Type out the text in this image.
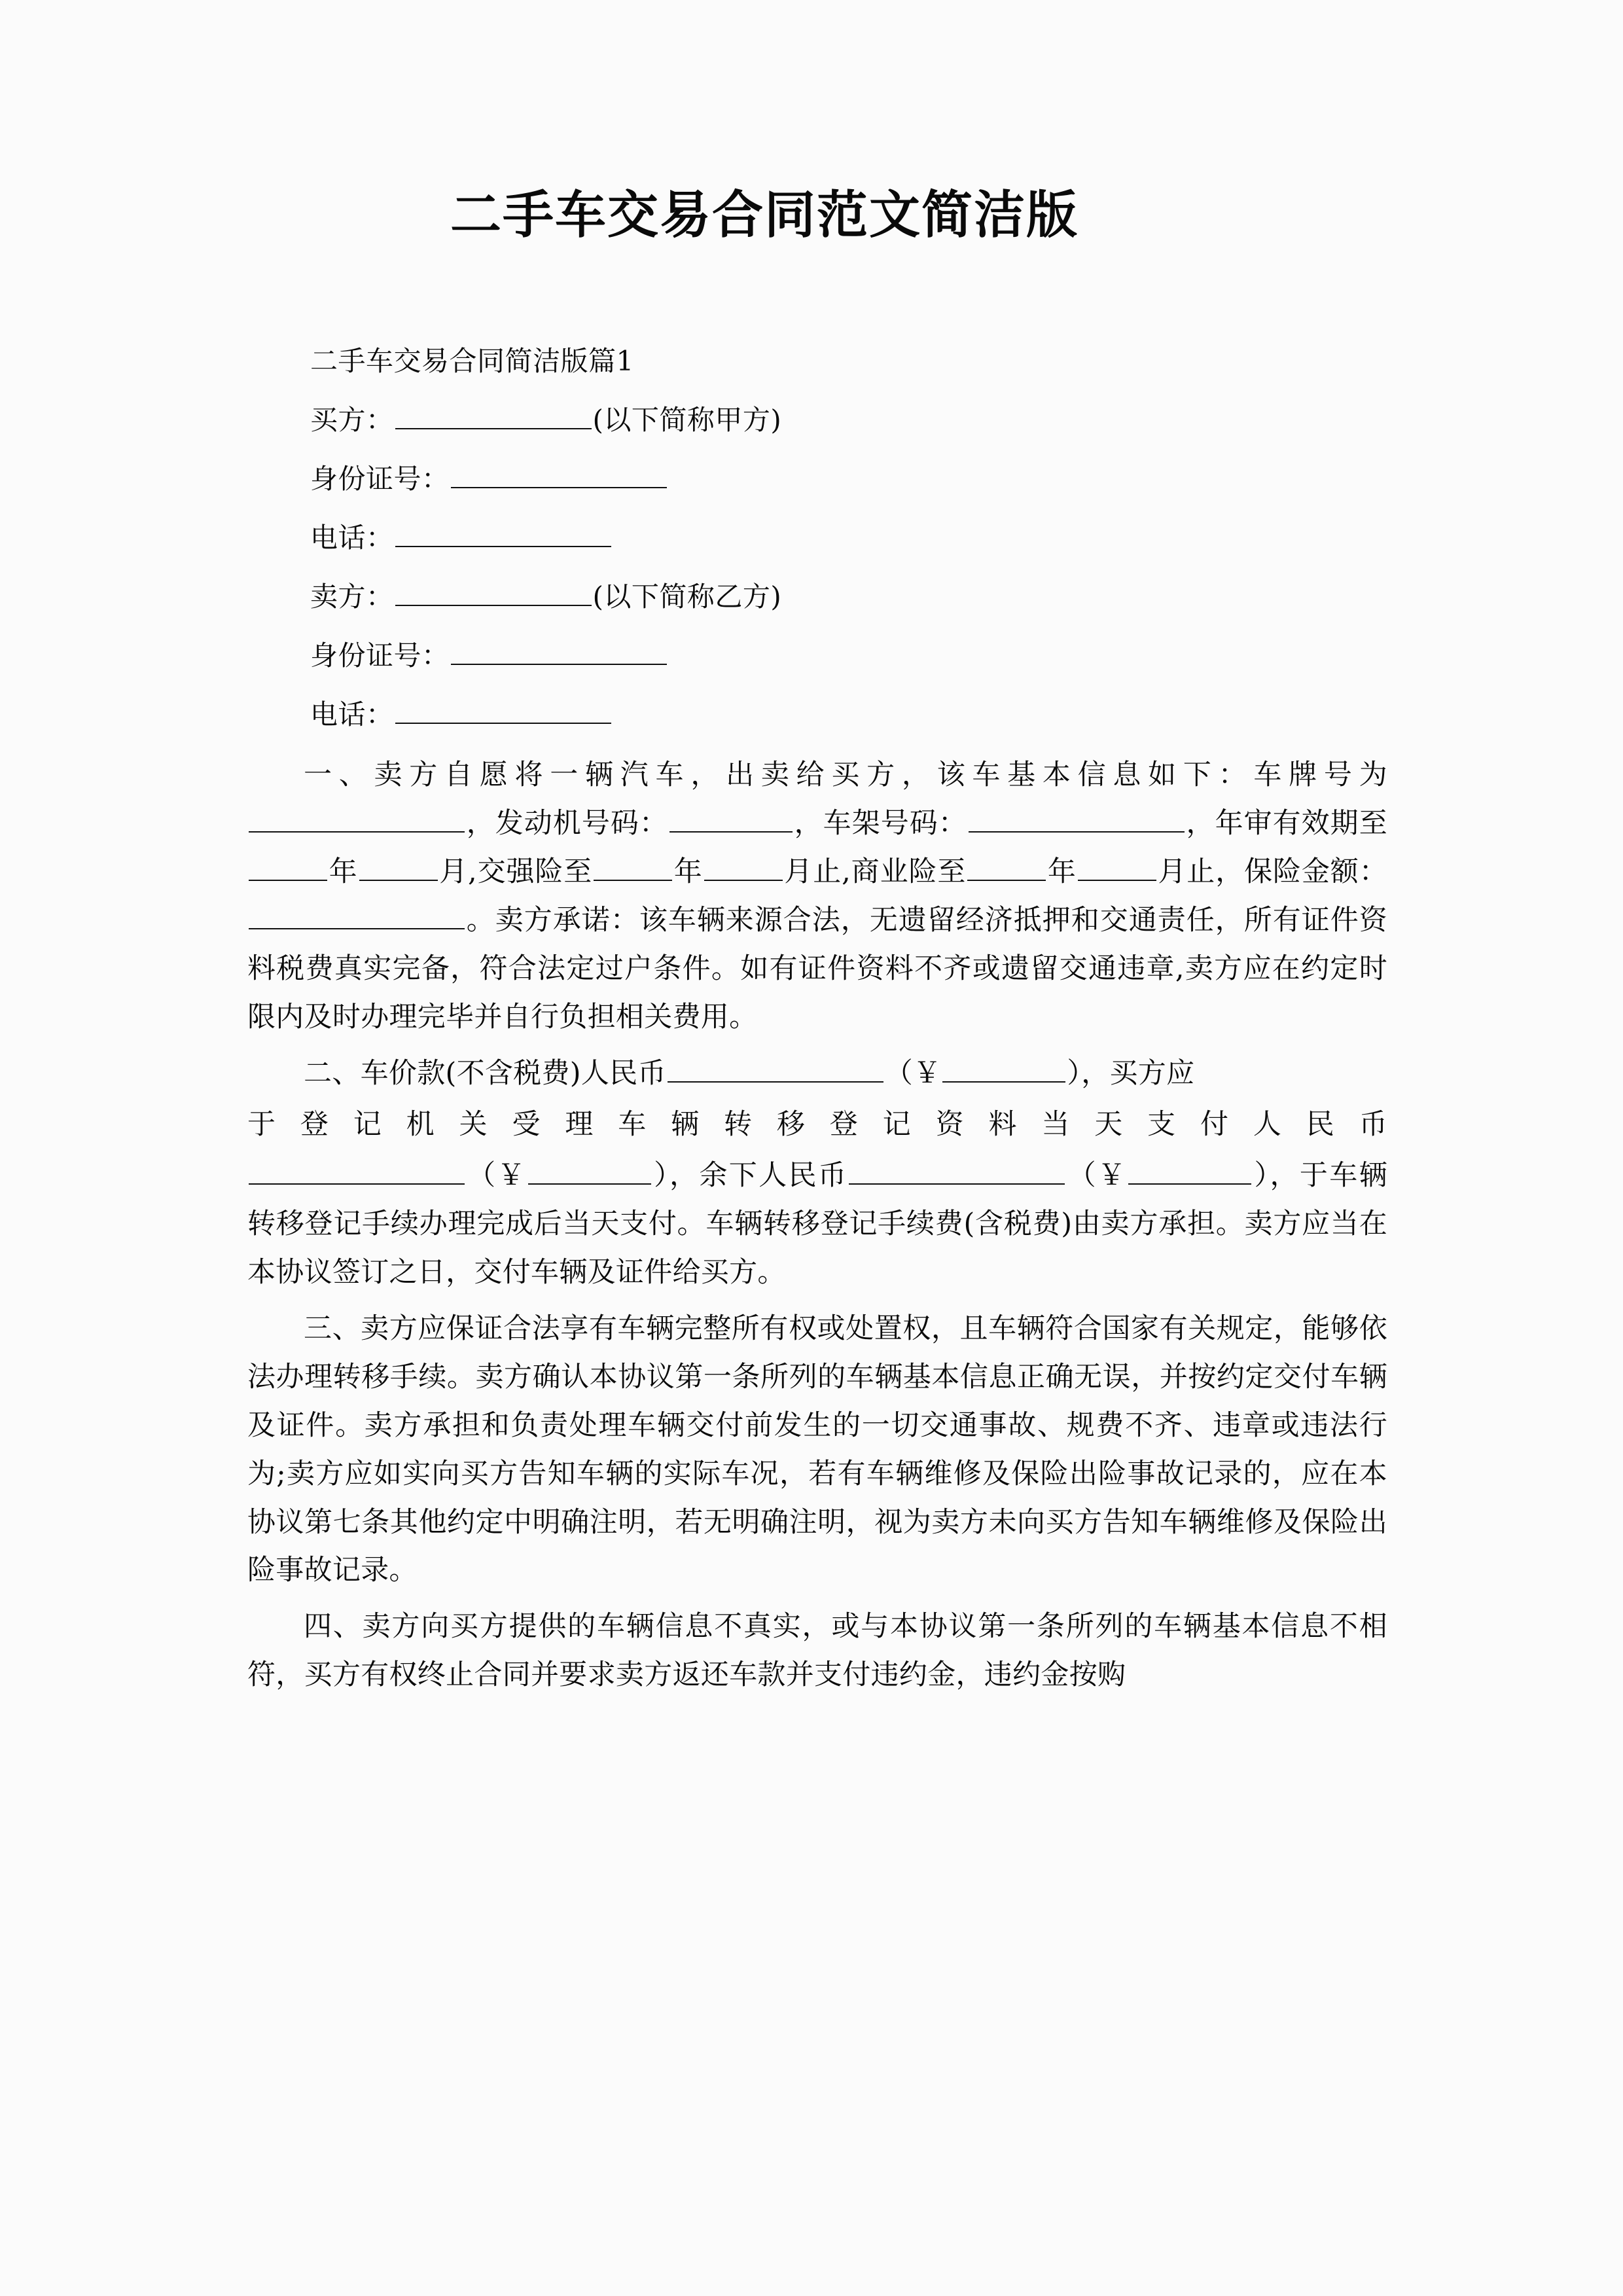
二手车交易合同范文简洁版
二手车交易合同简洁版篇1
买方：	(以下简称甲方)
身份证号：
电话：
卖方：	(以下简称乙方)
身份证号：
电话：

一、卖方自愿将一辆汽车，出卖给买方，该车基本信息如下：车牌号为，发动机号码：	，车架号码：	，年审有效期至年	月,交强险至	年	月止,商业险至	年	月止，保险金额：。卖方承诺：该车辆来源合法，无遗留经济抵押和交通责任，所有证件资料税费真实完备，符合法定过户条件。如有证件资料不齐或遗留交通违章,卖方应在约定时限内及时办理完毕并自行负担相关费用。

二、车价款(不含税费)人民币	（￥	），买方应

于登记机关受理车辆转移登记资料当天支付人民币

（￥	），余下人民币	（￥	），于车辆转移登记手续办理完成后当天支付。车辆转移登记手续费(含税费)由卖方承担。卖方应当在本协议签订之日，交付车辆及证件给买方。

三、卖方应保证合法享有车辆完整所有权或处置权，且车辆符合国家有关规定，能够依法办理转移手续。卖方确认本协议第一条所列的车辆基本信息正确无误，并按约定交付车辆及证件。卖方承担和负责处理车辆交付前发生的一切交通事故、规费不齐、违章或违法行为;卖方应如实向买方告知车辆的实际车况，若有车辆维修及保险出险事故记录的，应在本协议第七条其他约定中明确注明，若无明确注明，视为卖方未向买方告知车辆维修及保险出险事故记录。

四、卖方向买方提供的车辆信息不真实，或与本协议第一条所列的车辆基本信息不相符，买方有权终止合同并要求卖方返还车款并支付违约金，违约金按购
